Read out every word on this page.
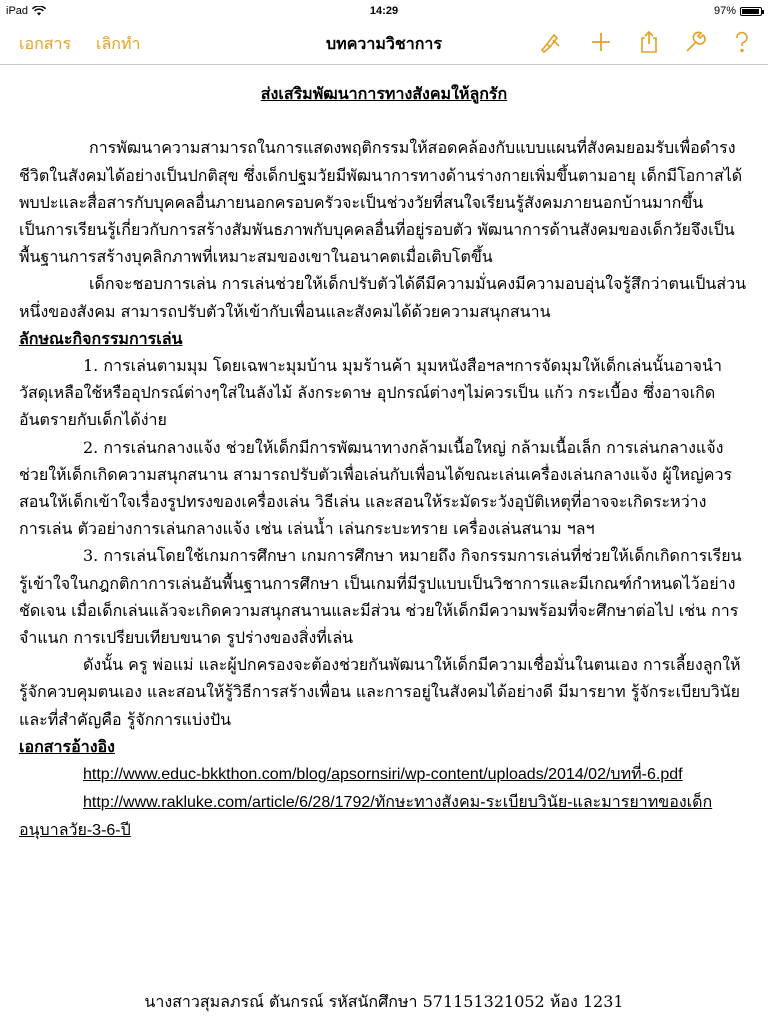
iPad	14:29	97%
เอกสาร เลิกทำ	บทความวิชาการ

ส่งเสริมพัฒนาการทางสังคมให้ลูกรัก

การพัฒนาความสามารถในการแสดงพฤติกรรมให้สอดคล้องกับแบบแผนที่สังคมยอมรับเพื่อดำรงชีวิตในสังคมได้อย่างเป็นปกติสุข ซึ่งเด็กปฐมวัยมีพัฒนาการทางด้านร่างกายเพิ่มขึ้นตามอายุ เด็กมีโอกาสได้พบปะและสื่อสารกับบุคคลอื่นภายนอกครอบครัวจะเป็นช่วงวัยที่สนใจเรียนรู้สังคมภายนอกบ้านมากขึ้น เป็นการเรียนรู้เกี่ยวกับการสร้างสัมพันธภาพกับบุคคลอื่นที่อยู่รอบตัว พัฒนาการด้านสังคมของเด็กวัยจึงเป็นพื้นฐานการสร้างบุคลิกภาพที่เหมาะสมของเขาในอนาคตเมื่อเติบโตขึ้น

เด็กจะชอบการเล่น การเล่นช่วยให้เด็กปรับตัวได้ดีมีความมั่นคงมีความอบอุ่นใจรู้สึกว่าตนเป็นส่วนหนึ่งของสังคม สามารถปรับตัวให้เข้ากับเพื่อนและสังคมได้ด้วยความสนุกสนาน

ลักษณะกิจกรรมการเล่น

1. การเล่นตามมุม โดยเฉพาะมุมบ้าน มุมร้านค้า มุมหนังสือฯลฯการจัดมุมให้เด็กเล่นนั้นอาจนำวัสดุเหลือใช้หรืออุปกรณ์ต่างๆใส่ในลังไม้ ลังกระดาษ อุปกรณ์ต่างๆไม่ควรเป็น แก้ว กระเบื้อง ซึ่งอาจเกิดอันตรายกับเด็กได้ง่าย

2. การเล่นกลางแจ้ง ช่วยให้เด็กมีการพัฒนาทางกล้ามเนื้อใหญ่ กล้ามเนื้อเล็ก การเล่นกลางแจ้ง ช่วยให้เด็กเกิดความสนุกสนาน สามารถปรับตัวเพื่อเล่นกับเพื่อนได้ขณะเล่นเครื่องเล่นกลางแจ้ง ผู้ใหญ่ควรสอนให้เด็กเข้าใจเรื่องรูปทรงของเครื่องเล่น วิธีเล่น และสอนให้ระมัดระวังอุบัติเหตุที่อาจจะเกิดระหว่าง

การเล่น ตัวอย่างการเล่นกลางแจ้ง เช่น เล่นน้ำ เล่นกระบะทราย เครื่องเล่นสนาม ฯลฯ

3. การเล่นโดยใช้เกมการศึกษา เกมการศึกษา หมายถึง กิจกรรมการเล่นที่ช่วยให้เด็กเกิดการเรียนรู้เข้าใจในกฎกติกาการเล่นอันพื้นฐานการศึกษา เป็นเกมที่มีรูปแบบเป็นวิชาการและมีเกณฑ์กำหนดไว้อย่างชัดเจน เมื่อเด็กเล่นแล้วจะเกิดความสนุกสนานและมีส่วน ช่วยให้เด็กมีความพร้อมที่จะศึกษาต่อไป เช่น การจำแนก การเปรียบเทียบขนาด รูปร่างของสิ่งที่เล่น

ดังนั้น ครู พ่อแม่ และผู้ปกครองจะต้องช่วยกันพัฒนาให้เด็กมีความเชื่อมั่นในตนเอง การเลี้ยงลูกให้รู้จักควบคุมตนเอง และสอนให้รู้วิธีการสร้างเพื่อน และการอยู่ในสังคมได้อย่างดี มีมารยาท รู้จักระเบียบวินัย และที่สำคัญคือ รู้จักการแบ่งปัน

เอกสารอ้างอิง

http://www.educ-bkkthon.com/blog/apsornsiri/wp-content/uploads/2014/02/บทที่-6.pdf

http://www.rakluke.com/article/6/28/1792/ทักษะทางสังคม-ระเบียบวินัย-และมารยาทของเด็กอนุบาลวัย-3-6-ปี

นางสาวสุมลภรณ์ ตันกรณ์ รหัสนักศึกษา 571151321052 ห้อง 1231
